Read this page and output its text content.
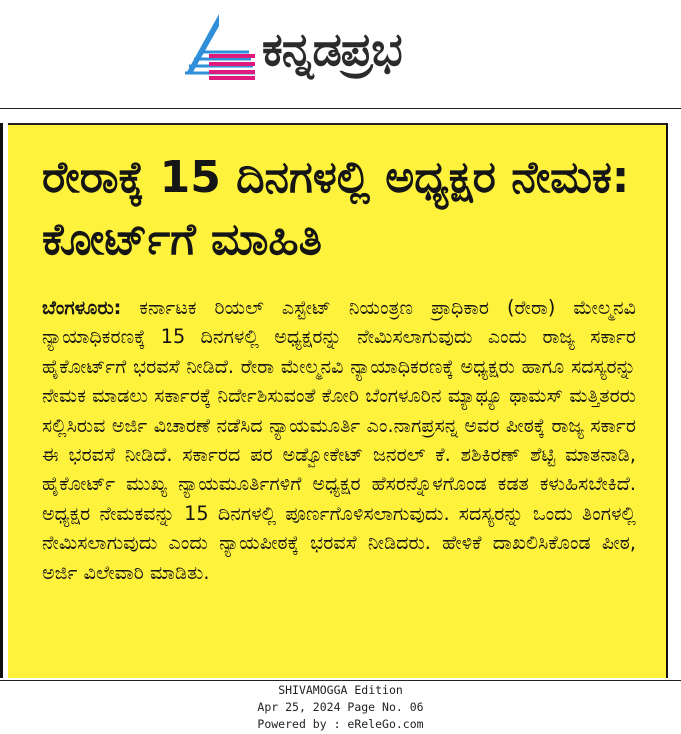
ಕನ್ನಡಪ್ರಭ
ರೇರಾಕ್ಕೆ 15 ದಿನಗಳಲ್ಲಿ ಅಧ್ಯಕ್ಷರ ನೇಮಕ: ಕೋರ್ಟ್‌ಗೆ ಮಾಹಿತಿ

ಬೆಂಗಳೂರು: ಕರ್ನಾಟಕ ರಿಯಲ್ ಎಸ್ಟೇಟ್ ನಿಯಂತ್ರಣ ಪ್ರಾಧಿಕಾರ (ರೇರಾ) ಮೇಲ್ಮನವಿ ನ್ಯಾಯಾಧಿಕರಣಕ್ಕೆ 15 ದಿನಗಳಲ್ಲಿ ಅಧ್ಯಕ್ಷರನ್ನು ನೇಮಿಸಲಾಗುವುದು ಎಂದು ರಾಜ್ಯ ಸರ್ಕಾರ ಹೈಕೋರ್ಟ್‌ಗೆ ಭರವಸೆ ನೀಡಿದೆ. ರೇರಾ ಮೇಲ್ಮನವಿ ನ್ಯಾಯಾಧಿಕರಣಕ್ಕೆ ಅಧ್ಯಕ್ಷರು ಹಾಗೂ ಸದಸ್ಯರನ್ನು ನೇಮಕ ಮಾಡಲು ಸರ್ಕಾರಕ್ಕೆ ನಿರ್ದೇಶಿಸುವಂತೆ ಕೋರಿ ಬೆಂಗಳೂರಿನ ಮ್ಯಾಥ್ಯೂ ಥಾಮಸ್ ಮತ್ತಿತರರು ಸಲ್ಲಿಸಿರುವ ಅರ್ಜಿ ವಿಚಾರಣೆ ನಡೆಸಿದ ನ್ಯಾಯಮೂರ್ತಿ ಎಂ.ನಾಗಪ್ರಸನ್ನ ಅವರ ಪೀಠಕ್ಕೆ ರಾಜ್ಯ ಸರ್ಕಾರ ಈ ಭರವಸೆ ನೀಡಿದೆ. ಸರ್ಕಾರದ ಪರ ಅಡ್ವೋಕೇಟ್ ಜನರಲ್ ಕೆ. ಶಶಿಕಿರಣ್ ಶೆಟ್ಟಿ ಮಾತನಾಡಿ, ಹೈಕೋರ್ಟ್ ಮುಖ್ಯ ನ್ಯಾಯಮೂರ್ತಿಗಳಿಗೆ ಅಧ್ಯಕ್ಷರ ಹೆಸರನ್ನೊಳಗೊಂಡ ಕಡತ ಕಳುಹಿಸಬೇಕಿದೆ. ಅಧ್ಯಕ್ಷರ ನೇಮಕವನ್ನು 15 ದಿನಗಳಲ್ಲಿ ಪೂರ್ಣಗೊಳಿಸಲಾಗುವುದು. ಸದಸ್ಯರನ್ನು ಒಂದು ತಿಂಗಳಲ್ಲಿ ನೇಮಿಸಲಾಗುವುದು ಎಂದು ನ್ಯಾಯಪೀಠಕ್ಕೆ ಭರವಸೆ ನೀಡಿದರು. ಹೇಳಿಕೆ ದಾಖಲಿಸಿಕೊಂಡ ಪೀಠ, ಅರ್ಜಿ ವಿಲೇವಾರಿ ಮಾಡಿತು.

SHIVAMOGGA Edition
Apr 25, 2024 Page No. 06
Powered by : eReleGo.com
